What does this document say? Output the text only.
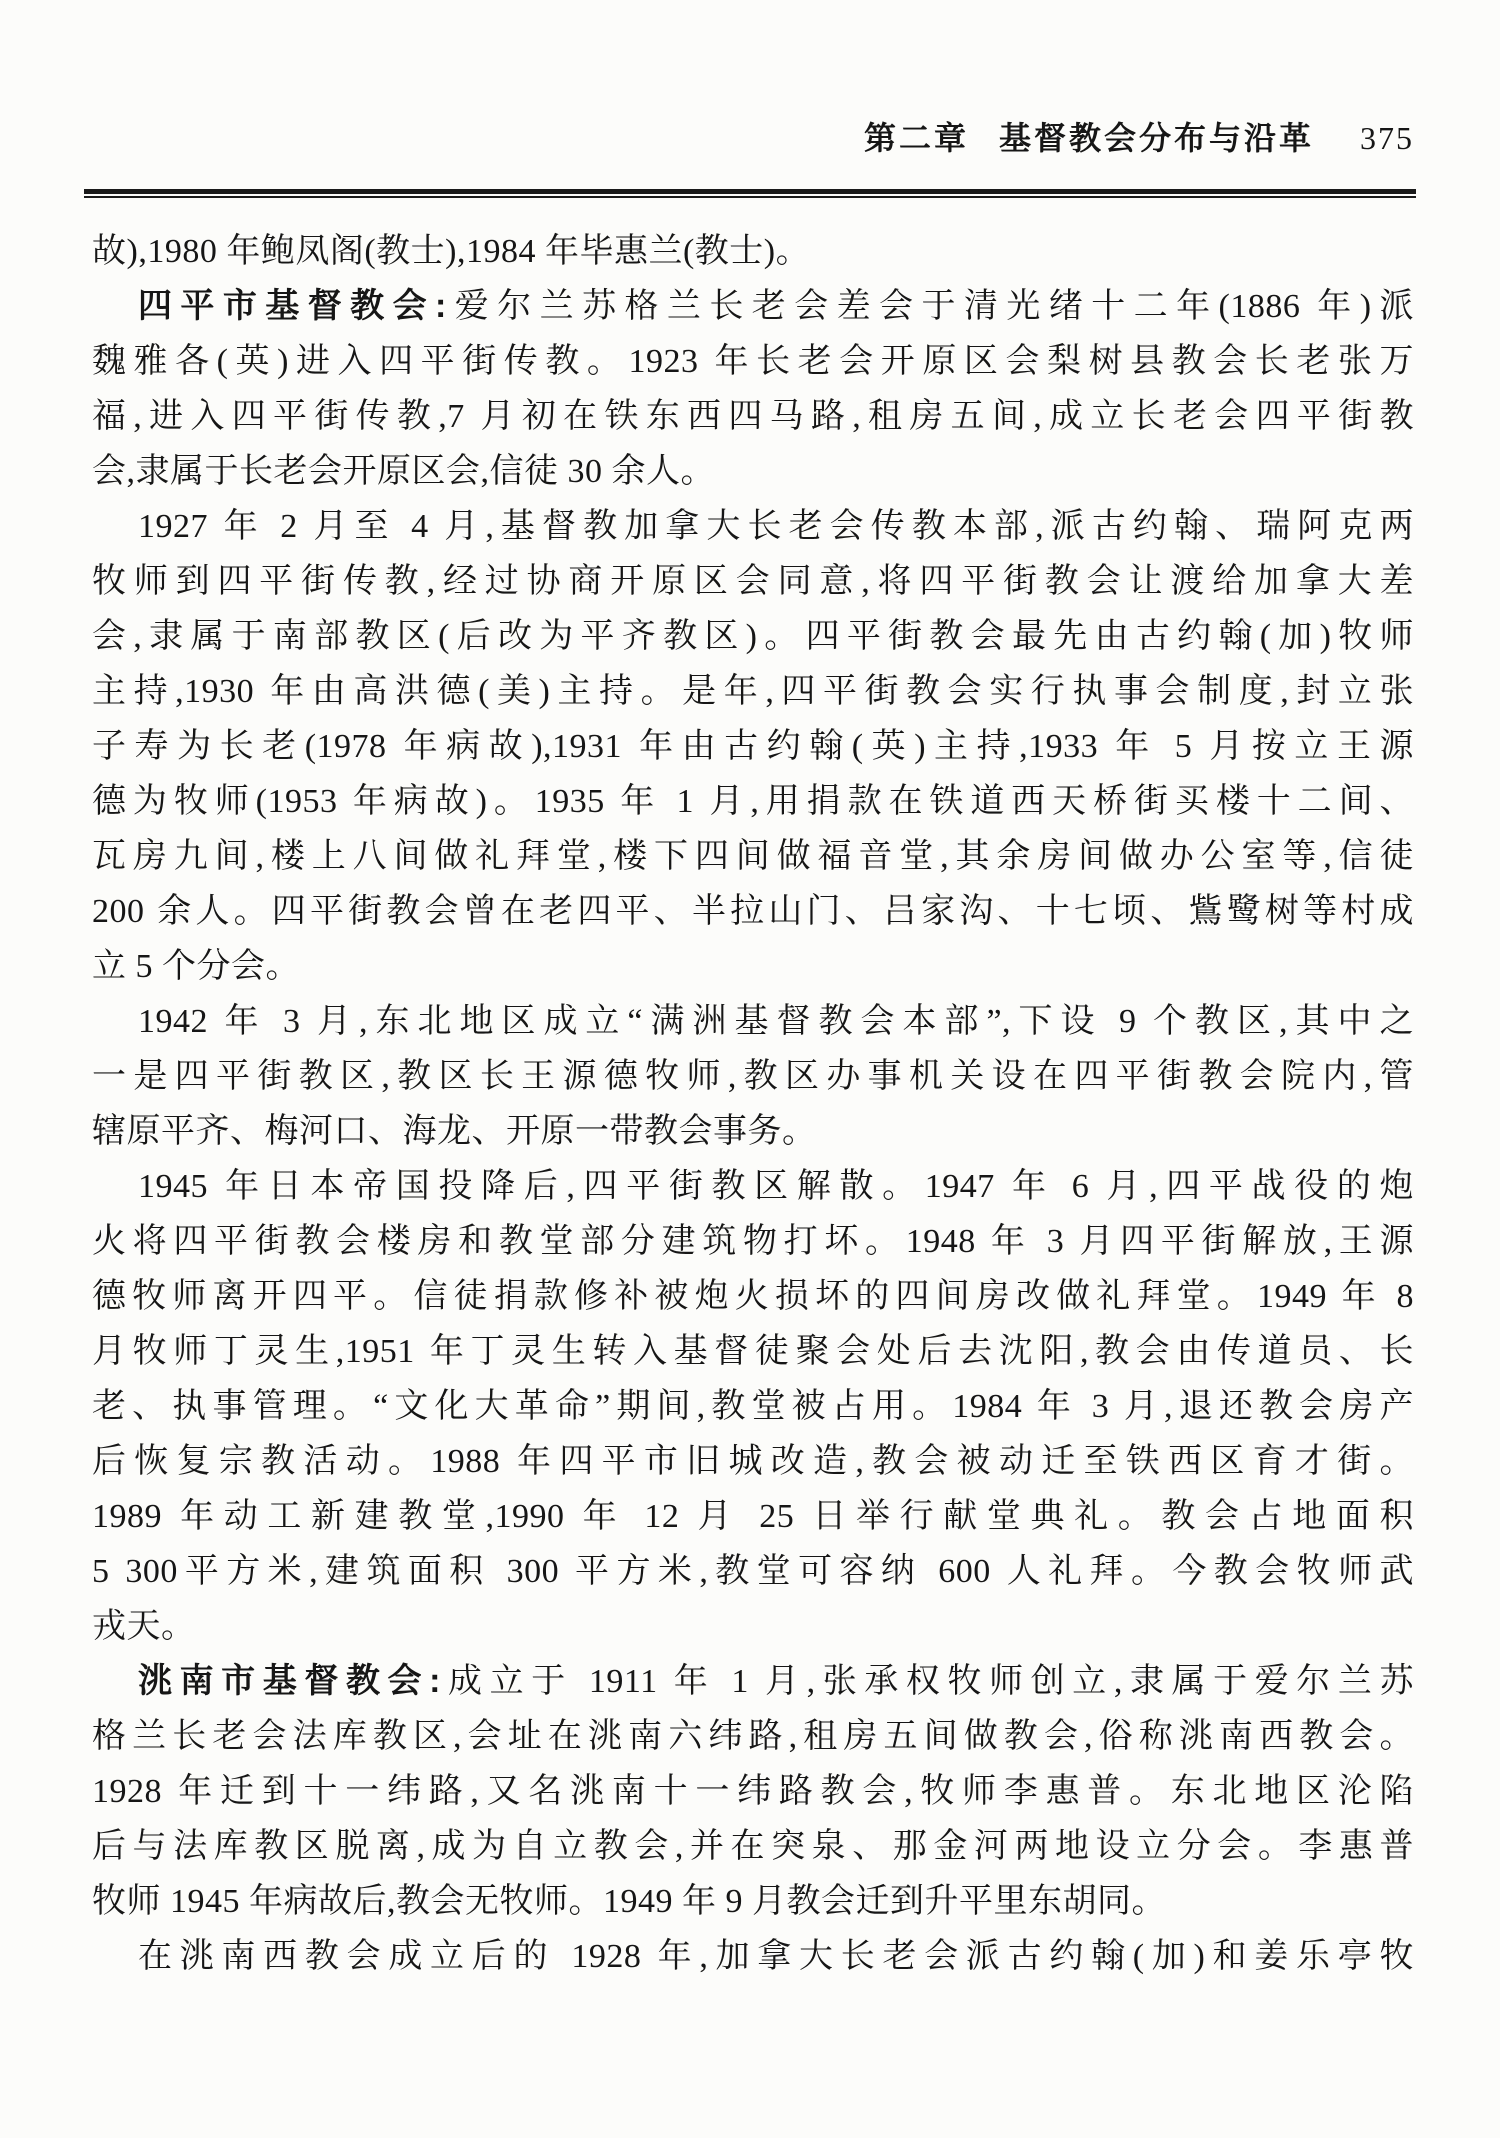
第二章 基督教会分布与沿革 375
故),1980 年鲍凤阁(教士),1984 年毕惠兰(教士)。
四平市基督教会:爱尔兰苏格兰长老会差会于清光绪十二年(1886 年)派
魏雅各(英)进入四平街传教。1923 年长老会开原区会梨树县教会长老张万
福,进入四平街传教,7 月初在铁东西四马路,租房五间,成立长老会四平街教
会,隶属于长老会开原区会,信徒 30 余人。
1927 年 2 月至 4 月,基督教加拿大长老会传教本部,派古约翰、瑞阿克两
牧师到四平街传教,经过协商开原区会同意,将四平街教会让渡给加拿大差
会,隶属于南部教区(后改为平齐教区)。四平街教会最先由古约翰(加)牧师
主持,1930 年由高洪德(美)主持。是年,四平街教会实行执事会制度,封立张
子寿为长老(1978 年病故),1931 年由古约翰(英)主持,1933 年 5 月按立王源
德为牧师(1953 年病故)。1935 年 1 月,用捐款在铁道西天桥街买楼十二间、
瓦房九间,楼上八间做礼拜堂,楼下四间做福音堂,其余房间做办公室等,信徒
200 余人。四平街教会曾在老四平、半拉山门、吕家沟、十七顷、鴜鹭树等村成
立 5 个分会。
1942 年 3 月,东北地区成立“满洲基督教会本部”,下设 9 个教区,其中之
一是四平街教区,教区长王源德牧师,教区办事机关设在四平街教会院内,管
辖原平齐、梅河口、海龙、开原一带教会事务。
1945 年日本帝国投降后,四平街教区解散。1947 年 6 月,四平战役的炮
火将四平街教会楼房和教堂部分建筑物打坏。1948 年 3 月四平街解放,王源
德牧师离开四平。信徒捐款修补被炮火损坏的四间房改做礼拜堂。1949 年 8
月牧师丁灵生,1951 年丁灵生转入基督徒聚会处后去沈阳,教会由传道员、长
老、执事管理。“文化大革命”期间,教堂被占用。1984 年 3 月,退还教会房产
后恢复宗教活动。1988 年四平市旧城改造,教会被动迁至铁西区育才街。
1989 年动工新建教堂,1990 年 12 月 25 日举行献堂典礼。教会占地面积
5 300平方米,建筑面积 300 平方米,教堂可容纳 600 人礼拜。今教会牧师武
戎天。
洮南市基督教会:成立于 1911 年 1 月,张承权牧师创立,隶属于爱尔兰苏
格兰长老会法库教区,会址在洮南六纬路,租房五间做教会,俗称洮南西教会。
1928 年迁到十一纬路,又名洮南十一纬路教会,牧师李惠普。东北地区沦陷
后与法库教区脱离,成为自立教会,并在突泉、那金河两地设立分会。李惠普
牧师 1945 年病故后,教会无牧师。1949 年 9 月教会迁到升平里东胡同。
在洮南西教会成立后的 1928 年,加拿大长老会派古约翰(加)和姜乐亭牧
